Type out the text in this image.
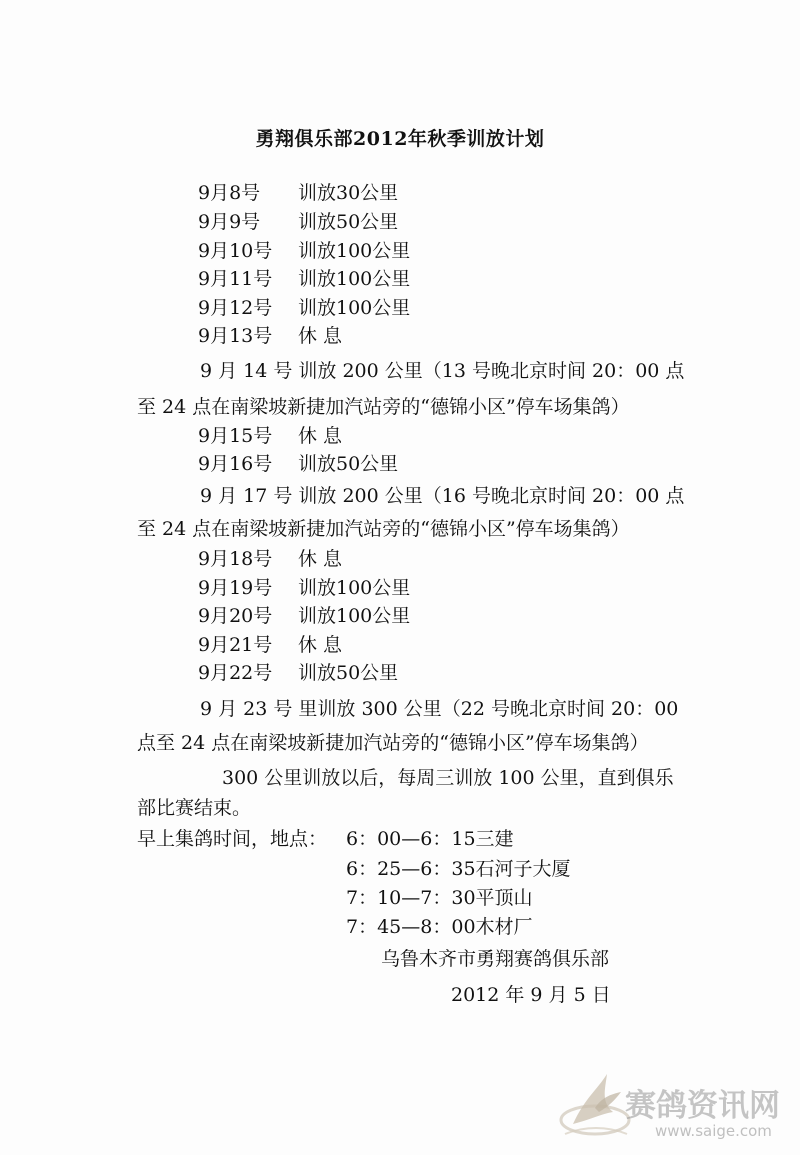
勇翔俱乐部2012年秋季训放计划
9月8号 训放30公里
9月9号 训放50公里
9月10号 训放100公里
9月11号 训放100公里
9月12号 训放100公里
9月13号 休 息
9 月 14 号 训放 200 公里（13 号晚北京时间 20：00 点
至 24 点在南梁坡新捷加汽站旁的“德锦小区”停车场集鸽）
9月15号 休 息
9月16号 训放50公里
9 月 17 号 训放 200 公里（16 号晚北京时间 20：00 点
至 24 点在南梁坡新捷加汽站旁的“德锦小区”停车场集鸽）
9月18号 休 息
9月19号 训放100公里
9月20号 训放100公里
9月21号 休 息
9月22号 训放50公里
9 月 23 号 里训放 300 公里（22 号晚北京时间 20：00
点至 24 点在南梁坡新捷加汽站旁的“德锦小区”停车场集鸽）
300 公里训放以后，每周三训放 100 公里，直到俱乐
部比赛结束。
早上集鸽时间，地点： 6：00—6：15三建
6：25—6：35石河子大厦
7：10—7：30平顶山
7：45—8：00木材厂
乌鲁木齐市勇翔赛鸽俱乐部
2012 年 9 月 5 日
赛鸽资讯网
www.saige.com
